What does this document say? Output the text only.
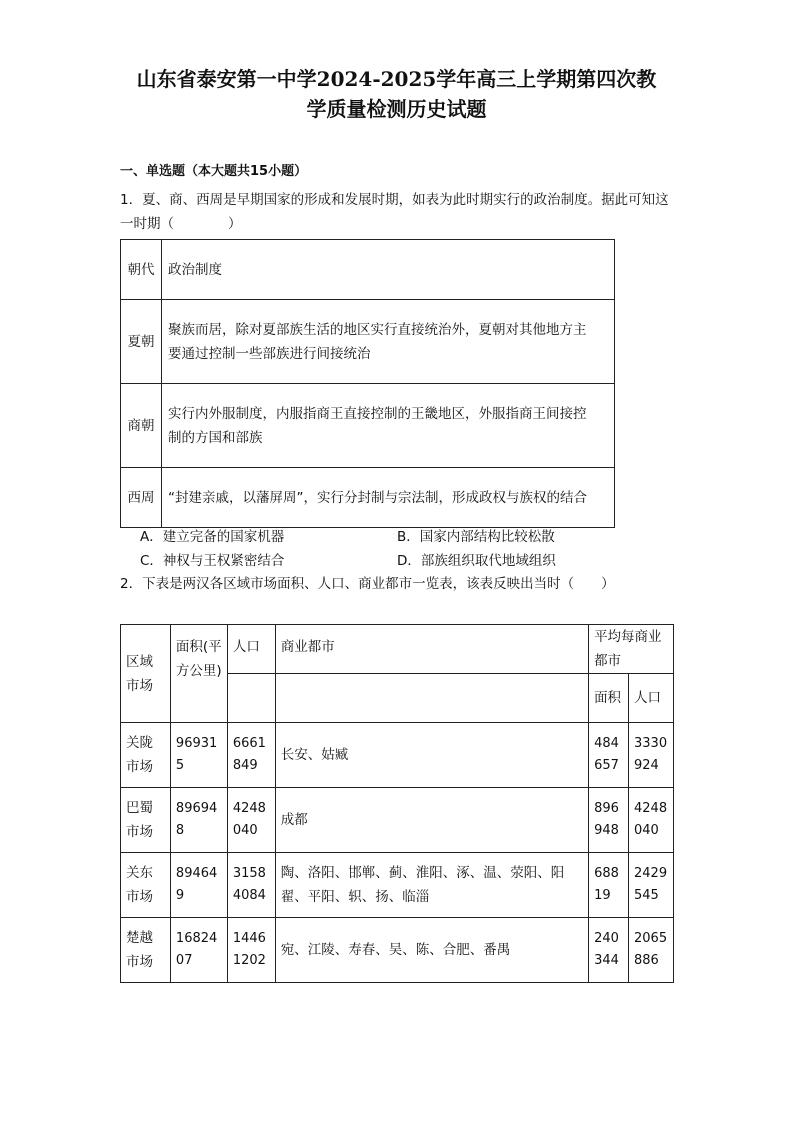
山东省泰安第一中学2024-2025学年高三上学期第四次教
学质量检测历史试题
一、单选题（本大题共15小题）
1．夏、商、西周是早期国家的形成和发展时期，如表为此时期实行的政治制度。据此可知这一时期（　　　　）
朝代	政治制度
夏朝	聚族而居，除对夏部族生活的地区实行直接统治外，夏朝对其他地方主
要通过控制一些部族进行间接统治

商朝	实行内外服制度，内服指商王直接控制的王畿地区，外服指商王间接控
制的方国和部族

西周	“封建亲戚，以藩屏周”，实行分封制与宗法制，形成政权与族权的结合
A．建立完备的国家机器	B．国家内部结构比较松散
C．神权与王权紧密结合	D．部族组织取代地域组织
2．下表是两汉各区域市场面积、人口、商业都市一览表，该表反映出当时（　　）
区域市场	面积(平方公里)	人口	商业都市	平均每商业都市	
				面积	人口
关陇市场	969315	6661849	长安、姑臧	484657	3330924
巴蜀市场	896948	4248040	成都	896948	4248040
关东市场	894649	31584084	陶、洛阳、邯郸、蓟、淮阳、涿、温、荥阳、阳翟、平阳、轵、扬、临淄	68819	2429545
楚越市场	1682407	14461202	宛、江陵、寿春、吴、陈、合肥、番禺	240344	2065886
